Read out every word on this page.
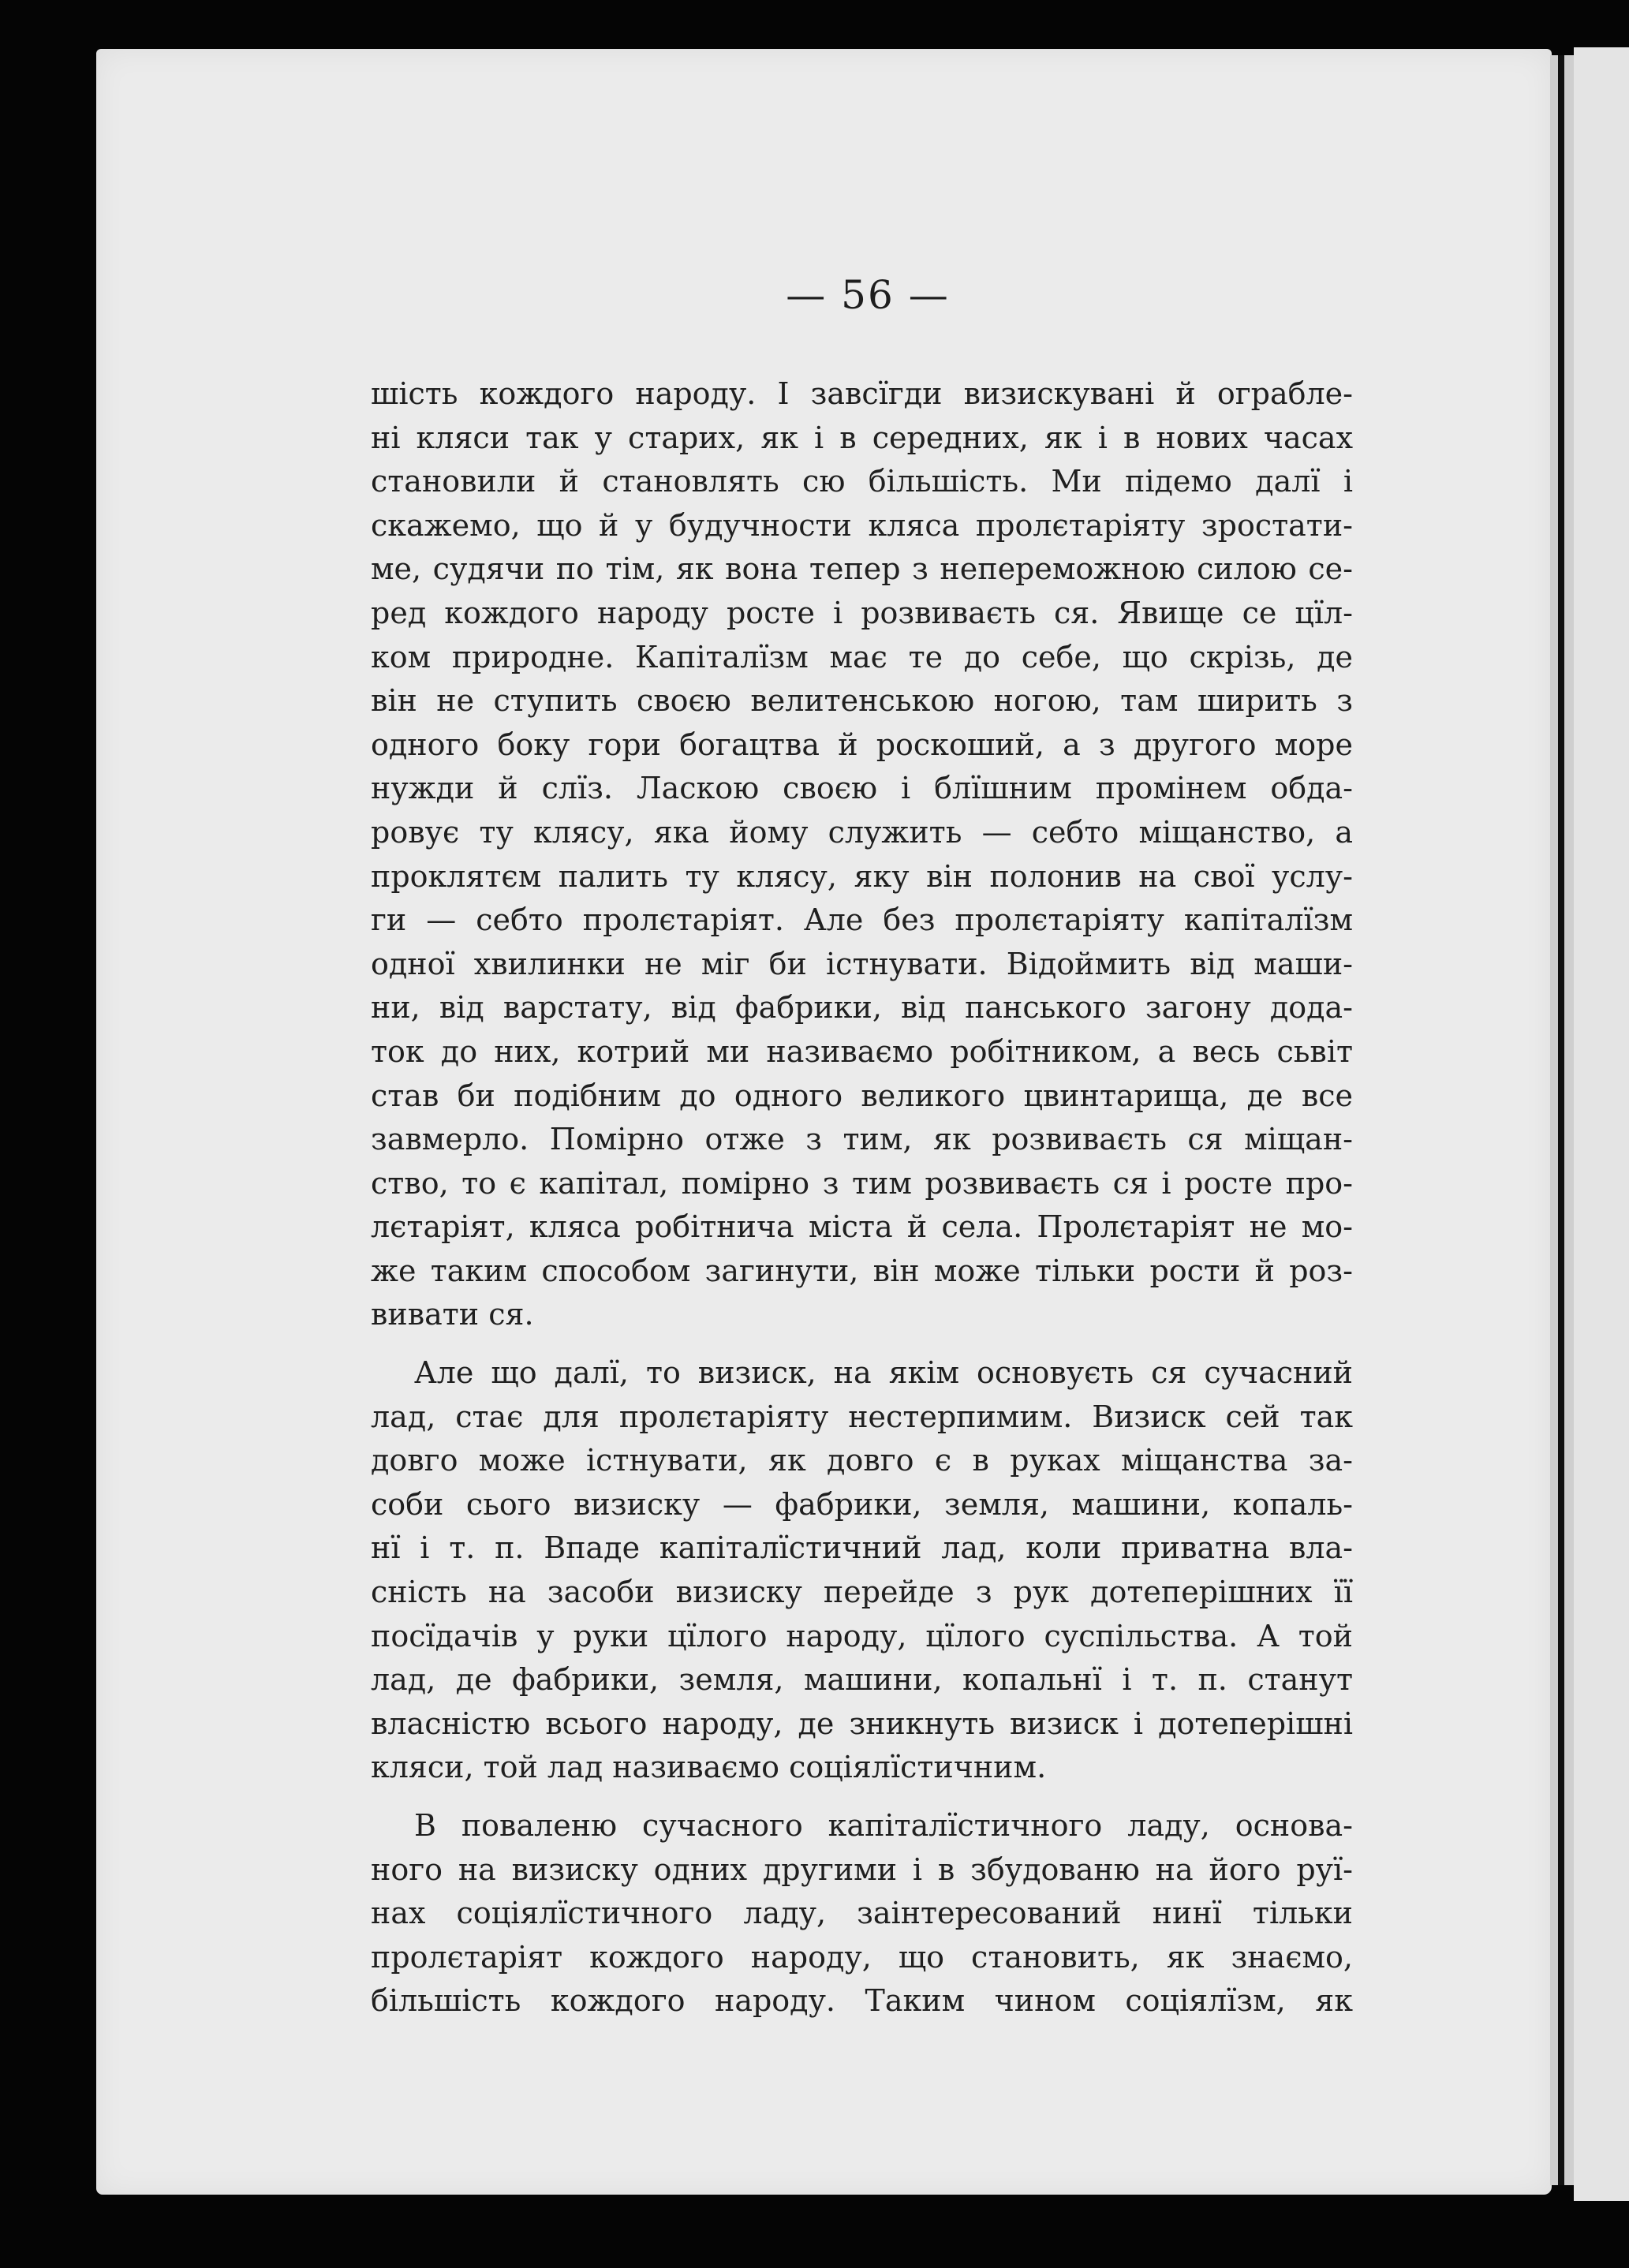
— 56 —
шість кождого народу. І завсїгди визискувані й ограбле-
ні кляси так у старих, як і в середних, як і в нових часах
становили й становлять сю більшість. Ми підемо далї і
скажемо, що й у будучности кляса пролєтаріяту зростати-
ме, судячи по тім, як вона тепер з непереможною силою се-
ред кождого народу росте і розвиваєть ся. Явище се цїл-
ком природне. Капіталїзм має те до себе, що скрізь, де
він не ступить своєю велитенською ногою, там ширить з
одного боку гори богацтва й роскоший, а з другого море
нужди й слїз. Ласкою своєю і блїшним промінем обда-
ровує ту клясу, яка йому служить — себто міщанство, а
проклятєм палить ту клясу, яку він полонив на свої услу-
ги — себто пролєтаріят. Але без пролєтаріяту капіталїзм
одної хвилинки не міг би істнувати. Відоймить від маши-
ни, від варстату, від фабрики, від панського загону дода-
ток до них, котрий ми називаємо робітником, а весь сьвіт
став би подібним до одного великого цвинтарища, де все
завмерло. Помірно отже з тим, як розвиваєть ся міщан-
ство, то є капітал, помірно з тим розвиваєть ся і росте про-
лєтаріят, кляса робітнича міста й села. Пролєтаріят не мо-
же таким способом загинути, він може тільки рости й роз-
вивати ся.
Але що далї, то визиск, на якім основуєть ся сучасний
лад, стає для пролєтаріяту нестерпимим. Визиск сей так
довго може істнувати, як довго є в руках міщанства за-
соби сього визиску — фабрики, земля, машини, копаль-
нї і т. п. Впаде капіталїстичний лад, коли приватна вла-
сність на засоби визиску перейде з рук дотеперішних її
посїдачів у руки цїлого народу, цїлого суспільства. А той
лад, де фабрики, земля, машини, копальнї і т. п. станут
власністю всього народу, де зникнуть визиск і дотеперішні
кляси, той лад називаємо соціялїстичним.
В поваленю сучасного капіталїстичного ладу, основа-
ного на визиску одних другими і в збудованю на його руї-
нах соціялїстичного ладу, заінтересований нинї тільки
пролєтаріят кождого народу, що становить, як знаємо,
більшість кождого народу. Таким чином соціялїзм, як
